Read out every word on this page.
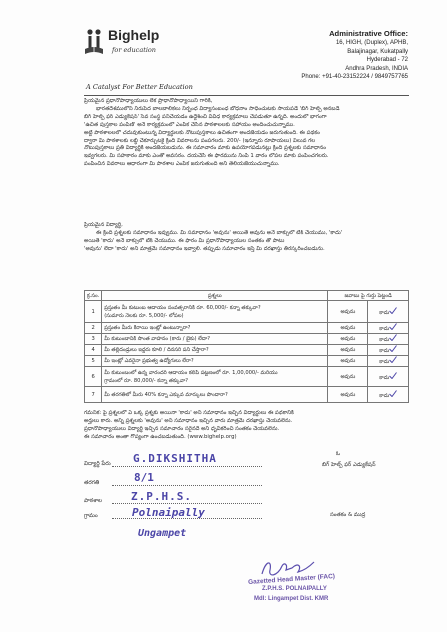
Bighelp
for education
A Catalyst For Better Education
Administrative Office:
16, HIGH, (Duplex), APHB,
Balajinagar, Kukatpally
Hyderabad - 72
Andhra Pradesh, INDIA
Phone: +91-40-23152224 / 9849757765

ప్రియమైన ప్రధానోపాధ్యాయులు లేక ప్రాధానోపాధ్యాయిని గారికి,

భారతదేశములోని నిరుపేద బాలబాలికలు నిర్బంధ విద్యాసంబంధ బోధనాం సాధించుటకు సాయపడే 'బిగ్ హెల్ప్ అనబడే

బిగ్ హెల్ప్ ఫర్ ఎడ్యుకేషన్' సేవ సంస్థ పనిచేయడం ఉద్దేశించి వివిధ కార్యక్రమాలు చేపడుతూ ఉన్నది. అందులో భాగంగా

'ఉచిత పుస్తకాల పంపిణీ' అనే కార్యక్రమంలో ఎంపిక చేసిన పాఠశాలలకు సహాయం అందించుచున్నాము.

అట్టి పాఠశాలలలో చదువుకుంటున్న విద్యార్థులకు నోటుపుస్తకాలు ఉచితంగా అందజేయడం జరుగుతుంది. ఈ పథకం

ద్వారా మీ పాఠశాలకు లబ్ధి చేకూర్చుటకై క్రింది వివరాలను పంపగలరు. 200/- (ఇన్నూరు రూపాయలు) విలువ గల

నోటుపుస్తకాలు ప్రతి విద్యార్థికి అందజేయబడును. ఈ సమాచారం మాకు ఉపయోగపడునట్లు క్రింది ప్రశ్నలకు సమాధానం

ఇవ్వగలరు. మీ సహకారం మాకు ఎంతో అవసరం. దయచేసి ఈ ఫారమును నింపి 1 వారం లోపల మాకు పంపించగలరు.

పంపించిన వివరాలు ఆధారంగా మీ పాఠశాల ఎంపిక జరుగుతుంది అని తెలియజేయుచున్నాము.

ప్రియమైన విద్యార్థి,

ఈ క్రింది ప్రశ్నలకు సమాధానం ఇవ్వుము. మీ సమాధానం 'అవును' అయితే అవును అనే బాక్సులో టిక్ చేయుము, 'కాదు'

అయితే 'కాదు' అనే బాక్సులో టిక్ చేయుము. ఈ ఫారం మీ ప్రధానోపాధ్యాయుల సంతకం తో పాటు

'అవును' లేదా 'కాదు' అని మాత్రమే సమాధానం ఇవ్వాలి. తప్పుడు సమాచారం ఇస్తే మీ దరఖాస్తు తిరస్కరించబడును.

క్ర.సం.	ప్రశ్నలు	జవాబు పై గుర్తు పెట్టండి	
1	ప్రస్తుతం మీ కుటుంబ ఆదాయం సంవత్సరానికి రూ. 60,000/- కన్నా తక్కువా?
(సుమారు నెలకు రూ. 5,000/- లోపల)	అవును	కాదు
2	ప్రస్తుతం మీరు కిరాయి ఇంట్లో ఉంటున్నారా?	అవును	కాదు
3	మీ కుటుంబానికి సొంత వాహనం (కారు / బైకు) లేదా?	అవును	కాదు
4	మీ తల్లిదండ్రులు ఇద్దరు కూలి / దినసరి పని చేస్తారా?	అవును	కాదు
5	మీ ఇంట్లో ఎవరైనా ప్రభుత్వ ఉద్యోగులు లేరా?	అవును	కాదు
6	మీ కుటుంబంలో ఉన్న వారందరి ఆదాయం కలిపి పట్టణంలో రూ. 1,00,000/- మరియు
గ్రామంలో రూ. 80,000/- కన్నా తక్కువా?	అవును	కాదు
7	మీ తరగతిలో మీరు 40% కన్నా ఎక్కువ మార్కులు పొందారా?	అవును	కాదు

గమనిక: పై ప్రశ్నలలో ఏ ఒక్క ప్రశ్నకు అయినా 'కాదు' అని సమాధానం ఇచ్చిన విద్యార్థులు ఈ పథకానికి

అర్హులు కారు. అన్ని ప్రశ్నలకు 'అవును' అని సమాధానం ఇచ్చిన వారు మాత్రమే దరఖాస్తు చేయవలెను.

ప్రధానోపాధ్యాయులు విద్యార్థి ఇచ్చిన సమాచారం సరైనదే అని ధృవీకరించి సంతకం చేయవలెను.

ఈ సమాచారం అంతా గోప్యంగా ఉంచబడుతుంది. (www.bighelp.org)

విద్యార్థి పేరు G.DIKSHITHA
తరగతి	8/1
పాఠశాల	Z.P.H.S.
గ్రామం	Polnaipally
Ungampet
ఓ
బిగ్ హెల్ప్ ఫర్ ఎడ్యుకేషన్
సంతకం & ముద్ర
Gazetted Head Master (FAC)
Z.P.H.S. POLNAIPALLY
Mdl: Lingampet Dist. KMR
